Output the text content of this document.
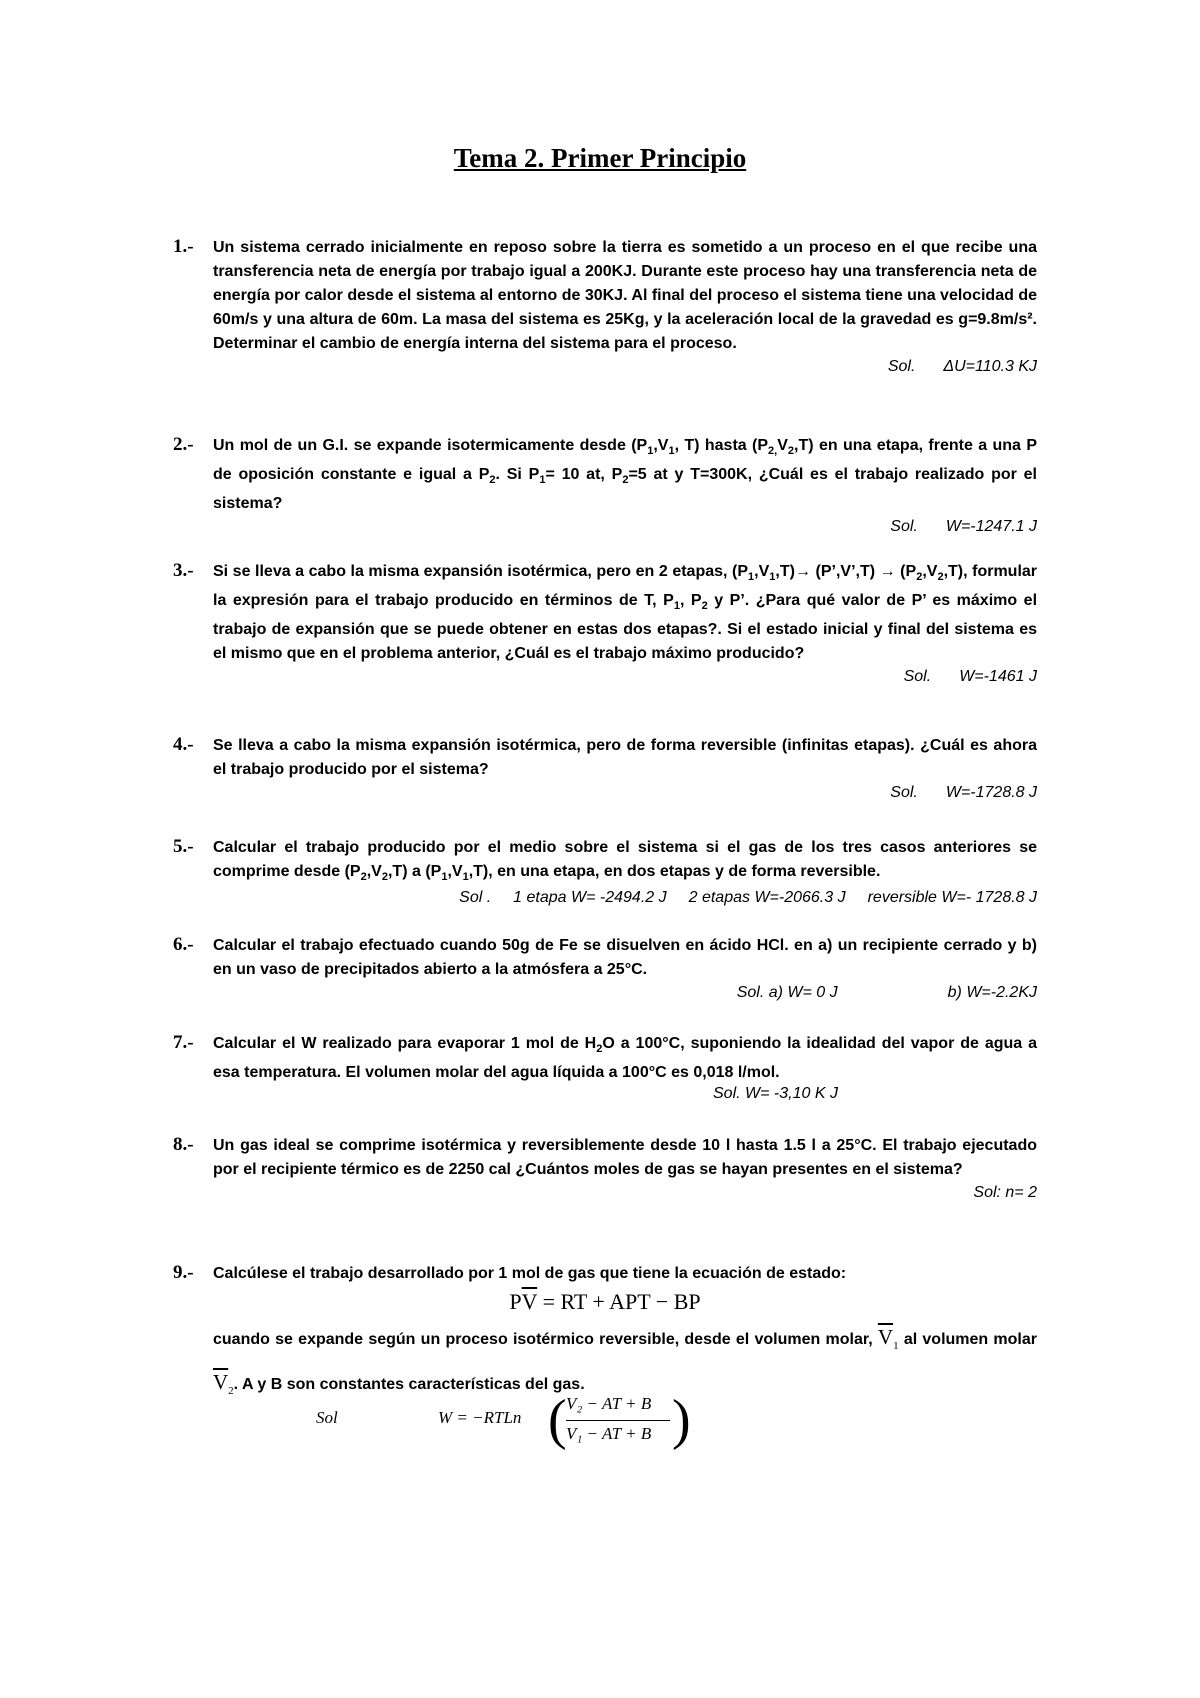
Tema 2. Primer Principio
1.- Un sistema cerrado inicialmente en reposo sobre la tierra es sometido a un proceso en el que recibe una transferencia neta de energía por trabajo igual a 200KJ. Durante este proceso hay una transferencia neta de energía por calor desde el sistema al entorno de 30KJ. Al final del proceso el sistema tiene una velocidad de 60m/s y una altura de 60m. La masa del sistema es 25Kg, y la aceleración local de la gravedad es g=9.8m/s². Determinar el cambio de energía interna del sistema para el proceso.
Sol. ΔU=110.3 KJ
2.- Un mol de un G.I. se expande isotermicamente desde ($P_1,V_1$, T) hasta $(P_{2,}V_2,T)$ en una etapa, frente a una P de oposición constante e igual a $P_2$. Si $P_1= 10$ at, $P_2=5$ at y T=300K, ¿Cuál es el trabajo realizado por el sistema?
Sol. W=-1247.1 J
3.- Si se lleva a cabo la misma expansión isotérmica, pero en 2 etapas, $(P_1,V_1,T)\to$ (P’,V’,T) → $(P_2,V_2,T)$, formular la expresión para el trabajo producido en términos de T, $P_1$, $P_2$ y P’. ¿Para qué valor de P’ es máximo el trabajo de expansión que se puede obtener en estas dos etapas?. Si el estado inicial y final del sistema es el mismo que en el problema anterior, ¿Cuál es el trabajo máximo producido?
Sol. W=-1461 J
4.- Se lleva a cabo la misma expansión isotérmica, pero de forma reversible (infinitas etapas). ¿Cuál es ahora el trabajo producido por el sistema?
Sol. W=-1728.8 J
5.- Calcular el trabajo producido por el medio sobre el sistema si el gas de los tres casos anteriores se comprime desde $(P_2,V_2,T)$ a $(P_1,V_1,T)$, en una etapa, en dos etapas y de forma reversible.
Sol . 1 etapa W= -2494.2 J 2 etapas W=-2066.3 J reversible W=- 1728.8 J
6.- Calcular el trabajo efectuado cuando 50g de Fe se disuelven en ácido HCl. en a) un recipiente cerrado y b) en un vaso de precipitados abierto a la atmósfera a 25°C.
Sol. a) W= 0 J	b) W=-2.2KJ
7.- Calcular el W realizado para evaporar 1 mol de $H_2O$ a 100°C, suponiendo la idealidad del vapor de agua a esa temperatura. El volumen molar del agua líquida a 100°C es 0,018 l/mol.
Sol. W= -3,10 K J
8.- Un gas ideal se comprime isotérmica y reversiblemente desde 10 l hasta 1.5 l a 25°C. El trabajo ejecutado por el recipiente térmico es de 2250 cal ¿Cuántos moles de gas se hayan presentes en el sistema?
Sol: n= 2
9.- Calcúlese el trabajo desarrollado por 1 mol de gas que tiene la ecuación de estado:
$P\overline{V}$ = RT + APT − BP
cuando se expande según un proceso isotérmico reversible, desde el volumen molar, $\overline{V}_1$ al volumen molar $\overline{V}_2$. A y B son constantes características del gas.
Sol	W = −RTLn ( V₂ − AT + B
V₁ − AT + B )
